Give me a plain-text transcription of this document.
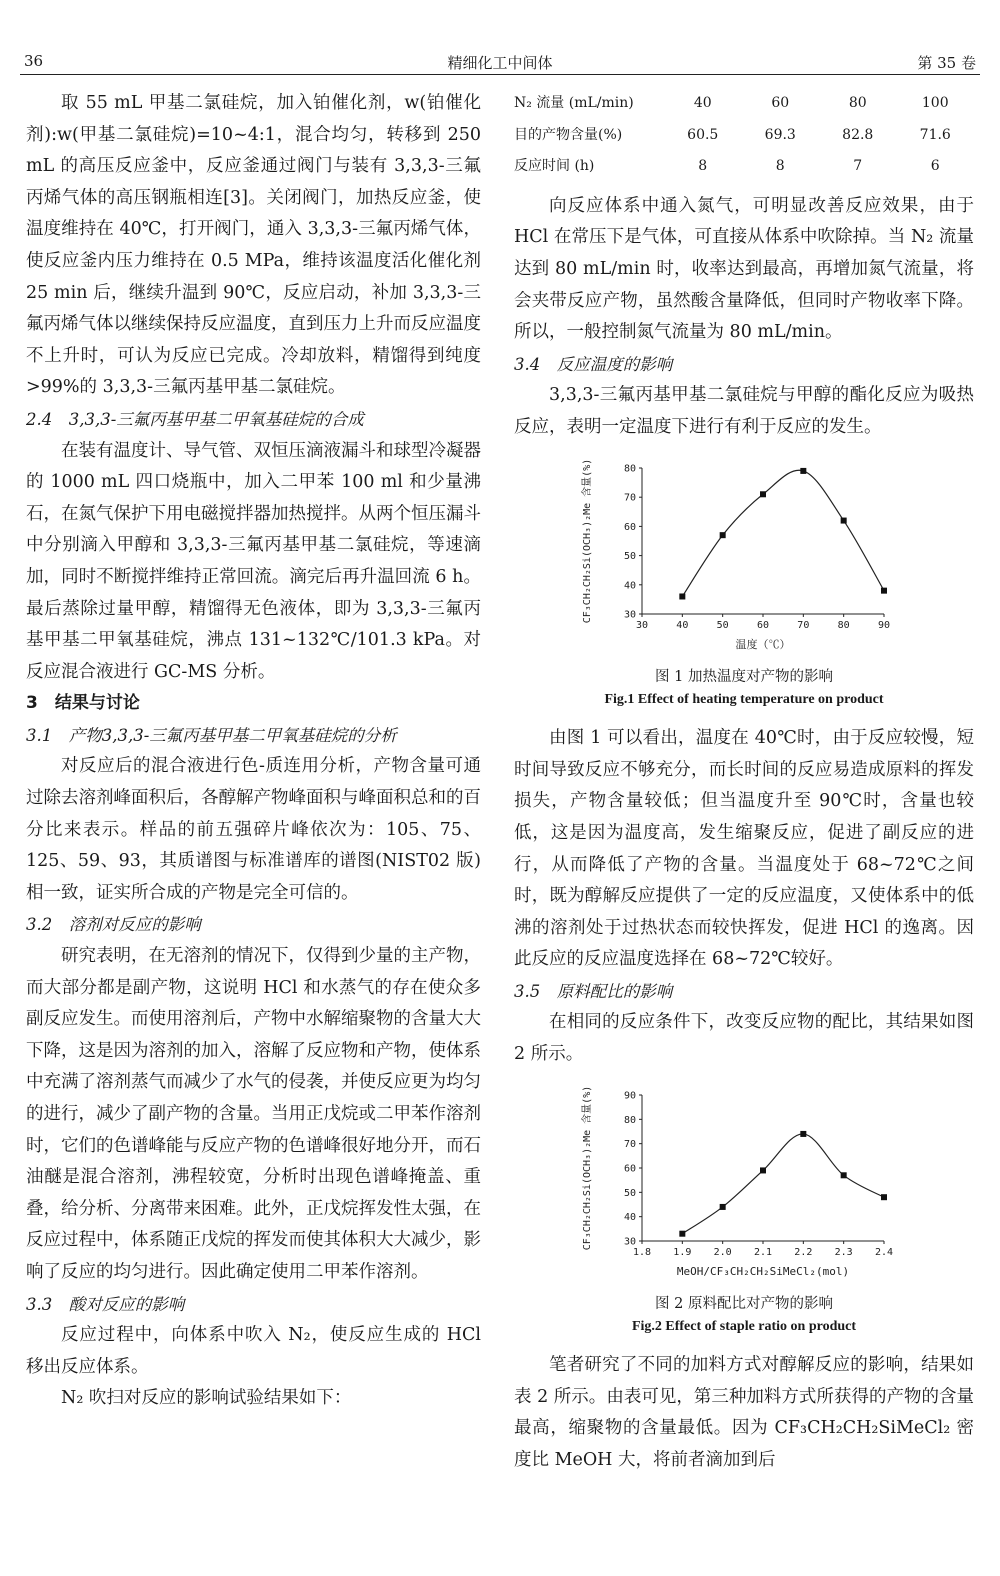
36	精细化工中间体	第 35 卷

取 55 mL 甲基二氯硅烷，加入铂催化剂，w(铂催化剂):w(甲基二氯硅烷)=10~4:1，混合均匀，转移到 250 mL 的高压反应釜中，反应釜通过阀门与装有 3,3,3-三氟丙烯气体的高压钢瓶相连[3]。关闭阀门，加热反应釜，使温度维持在 40℃，打开阀门，通入 3,3,3-三氟丙烯气体，使反应釜内压力维持在 0.5 MPa，维持该温度活化催化剂 25 min 后，继续升温到 90℃，反应启动，补加 3,3,3-三氟丙烯气体以继续保持反应温度，直到压力上升而反应温度不上升时，可认为反应已完成。冷却放料，精馏得到纯度>99%的 3,3,3-三氟丙基甲基二氯硅烷。

2.4　3,3,3-三氟丙基甲基二甲氧基硅烷的合成

在装有温度计、导气管、双恒压滴液漏斗和球型冷凝器的 1000 mL 四口烧瓶中，加入二甲苯 100 ml 和少量沸石，在氮气保护下用电磁搅拌器加热搅拌。从两个恒压漏斗中分别滴入甲醇和 3,3,3-三氟丙基甲基二氯硅烷，等速滴加，同时不断搅拌维持正常回流。滴完后再升温回流 6 h。最后蒸除过量甲醇，精馏得无色液体，即为 3,3,3-三氟丙基甲基二甲氧基硅烷，沸点 131~132℃/101.3 kPa。对反应混合液进行 GC-MS 分析。

3　结果与讨论

3.1　产物3,3,3-三氟丙基甲基二甲氧基硅烷的分析

对反应后的混合液进行色-质连用分析，产物含量可通过除去溶剂峰面积后，各醇解产物峰面积与峰面积总和的百分比来表示。样品的前五强碎片峰依次为：105、75、125、59、93，其质谱图与标准谱库的谱图(NIST02 版)相一致，证实所合成的产物是完全可信的。

3.2　溶剂对反应的影响

研究表明，在无溶剂的情况下，仅得到少量的主产物，而大部分都是副产物，这说明 HCl 和水蒸气的存在使众多副反应发生。而使用溶剂后，产物中水解缩聚物的含量大大下降，这是因为溶剂的加入，溶解了反应物和产物，使体系中充满了溶剂蒸气而减少了水气的侵袭，并使反应更为均匀的进行，减少了副产物的含量。当用正戊烷或二甲苯作溶剂时，它们的色谱峰能与反应产物的色谱峰很好地分开，而石油醚是混合溶剂，沸程较宽，分析时出现色谱峰掩盖、重叠，给分析、分离带来困难。此外，正戊烷挥发性太强，在反应过程中，体系随正戊烷的挥发而使其体积大大减少，影响了反应的均匀进行。因此确定使用二甲苯作溶剂。

3.3　酸对反应的影响

反应过程中，向体系中吹入 N₂，使反应生成的 HCl 移出反应体系。

N₂ 吹扫对反应的影响试验结果如下：

N₂ 流量 (mL/min)	40	60	80	100
目的产物含量(%)	60.5	69.3	82.8	71.6
反应时间 (h)	8	8	7	6

向反应体系中通入氮气，可明显改善反应效果，由于 HCl 在常压下是气体，可直接从体系中吹除掉。当 N₂ 流量达到 80 mL/min 时，收率达到最高，再增加氮气流量，将会夹带反应产物，虽然酸含量降低，但同时产物收率下降。所以，一般控制氮气流量为 80 mL/min。

3.4　反应温度的影响

3,3,3-三氟丙基甲基二氯硅烷与甲醇的酯化反应为吸热反应，表明一定温度下进行有利于反应的发生。

30	40	50	60	70	80	90
30
40
50
60
70
80
温度（℃）
CF₃CH₂CH₂Si(OCH₃)₂Me 含量(%)
图 1 加热温度对产物的影响
Fig.1 Effect of heating temperature on product

由图 1 可以看出，温度在 40℃时，由于反应较慢，短时间导致反应不够充分，而长时间的反应易造成原料的挥发损失，产物含量较低；但当温度升至 90℃时，含量也较低，这是因为温度高，发生缩聚反应，促进了副反应的进行，从而降低了产物的含量。当温度处于 68~72℃之间时，既为醇解反应提供了一定的反应温度，又使体系中的低沸的溶剂处于过热状态而较快挥发，促进 HCl 的逸离。因此反应的反应温度选择在 68~72℃较好。

3.5　原料配比的影响

在相同的反应条件下，改变反应物的配比，其结果如图 2 所示。

1.8 1.9 2.0 2.1 2.2 2.3 2.4
30
40
50
60
70
80
90
MeOH/CF₃CH₂CH₂SiMeCl₂(mol)
CF₃CH₂CH₂Si(OCH₃)₂Me 含量(%)
图 2 原料配比对产物的影响
Fig.2 Effect of staple ratio on product

笔者研究了不同的加料方式对醇解反应的影响，结果如表 2 所示。由表可见，第三种加料方式所获得的产物的含量最高，缩聚物的含量最低。因为 CF₃CH₂CH₂SiMeCl₂ 密度比 MeOH 大，将前者滴加到后
